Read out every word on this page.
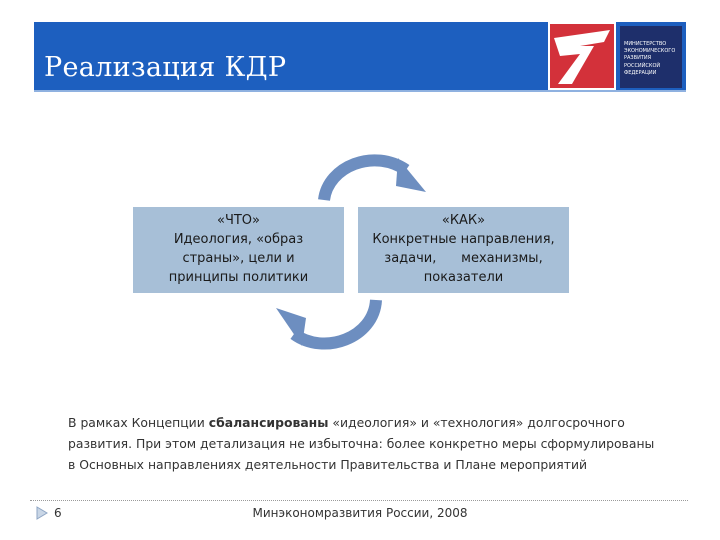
Реализация КДР
МИНИСТЕРСТВО
ЭКОНОМИЧЕСКОГО
РАЗВИТИЯ
РОССИЙСКОЙ
ФЕДЕРАЦИИ
«ЧТО»
Идеология, «образ
страны», цели и
принципы политики
«КАК»
Конкретные направления,
задачи,      механизмы,
показатели
В рамках Концепции сбалансированы «идеология» и «технология» долгосрочного
развития. При этом детализация не избыточна: более конкретно меры сформулированы
в Основных направлениях деятельности Правительства и Плане мероприятий
6	Минэкономразвития России, 2008
